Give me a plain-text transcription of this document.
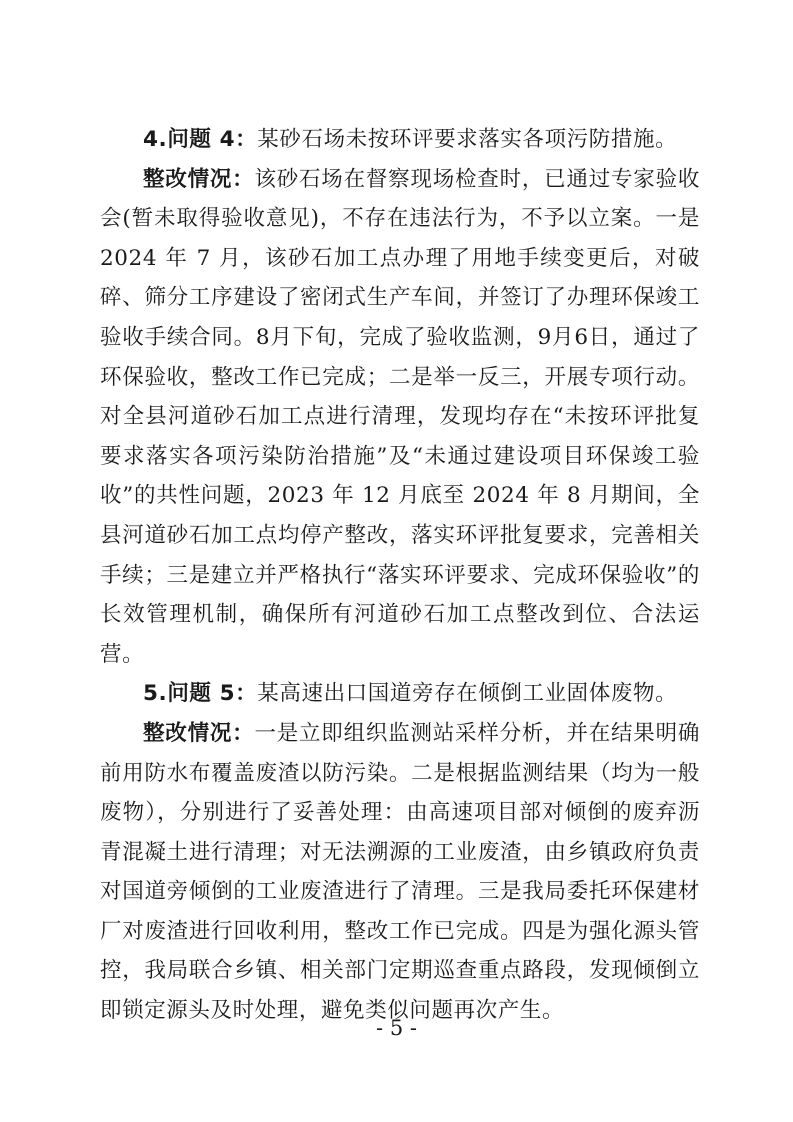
4.问题 4：某砂石场未按环评要求落实各项污防措施。

整改情况：该砂石场在督察现场检查时，已通过专家验收会(暂未取得验收意见)，不存在违法行为，不予以立案。一是 2024 年 7 月，该砂石加工点办理了用地手续变更后，对破碎、筛分工序建设了密闭式生产车间，并签订了办理环保竣工验收手续合同。8月下旬，完成了验收监测，9月6日，通过了环保验收，整改工作已完成；二是举一反三，开展专项行动。对全县河道砂石加工点进行清理，发现均存在“未按环评批复要求落实各项污染防治措施”及“未通过建设项目环保竣工验收”的共性问题，2023 年 12 月底至 2024 年 8 月期间，全县河道砂石加工点均停产整改，落实环评批复要求，完善相关手续；三是建立并严格执行“落实环评要求、完成环保验收”的长效管理机制，确保所有河道砂石加工点整改到位、合法运营。

5.问题 5：某高速出口国道旁存在倾倒工业固体废物。

整改情况：一是立即组织监测站采样分析，并在结果明确前用防水布覆盖废渣以防污染。二是根据监测结果（均为一般废物），分别进行了妥善处理：由高速项目部对倾倒的废弃沥青混凝土进行清理；对无法溯源的工业废渣，由乡镇政府负责对国道旁倾倒的工业废渣进行了清理。三是我局委托环保建材厂对废渣进行回收利用，整改工作已完成。四是为强化源头管控，我局联合乡镇、相关部门定期巡查重点路段，发现倾倒立即锁定源头及时处理，避免类似问题再次产生。

- 5 -
